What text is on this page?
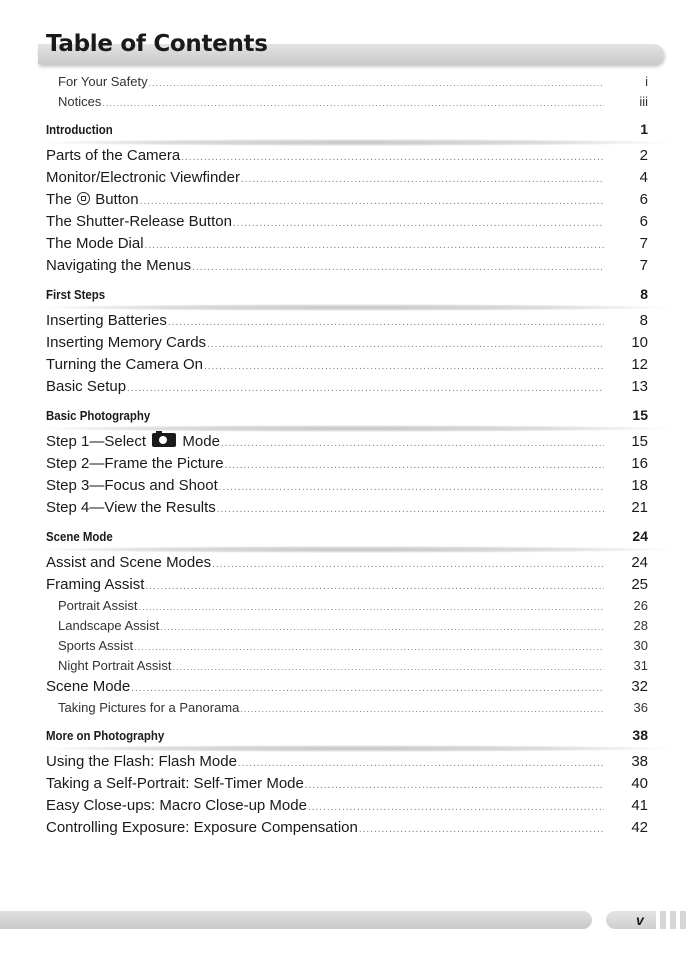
Table of Contents
For Your Safety .....	i
Notices .....	iii
Introduction	1
Parts of the Camera .....	2
Monitor/Electronic Viewfinder .....	4
The Button .....	6
The Shutter-Release Button .....	6
The Mode Dial .....	7
Navigating the Menus .....	7
First Steps	8
Inserting Batteries .....	8
Inserting Memory Cards .....	10
Turning the Camera On .....	12
Basic Setup .....	13
Basic Photography	15
Step 1—Select Mode .....	15
Step 2—Frame the Picture .....	16
Step 3—Focus and Shoot .....	18
Step 4—View the Results .....	21
Scene Mode	24
Assist and Scene Modes .....	24
Framing Assist .....	25
Portrait Assist .....	26
Landscape Assist .....	28
Sports Assist .....	30
Night Portrait Assist .....	31
Scene Mode .....	32
Taking Pictures for a Panorama .....	36
More on Photography	38
Using the Flash: Flash Mode .....	38
Taking a Self-Portrait: Self-Timer Mode .....	40
Easy Close-ups: Macro Close-up Mode .....	41
Controlling Exposure: Exposure Compensation .....	42
v
